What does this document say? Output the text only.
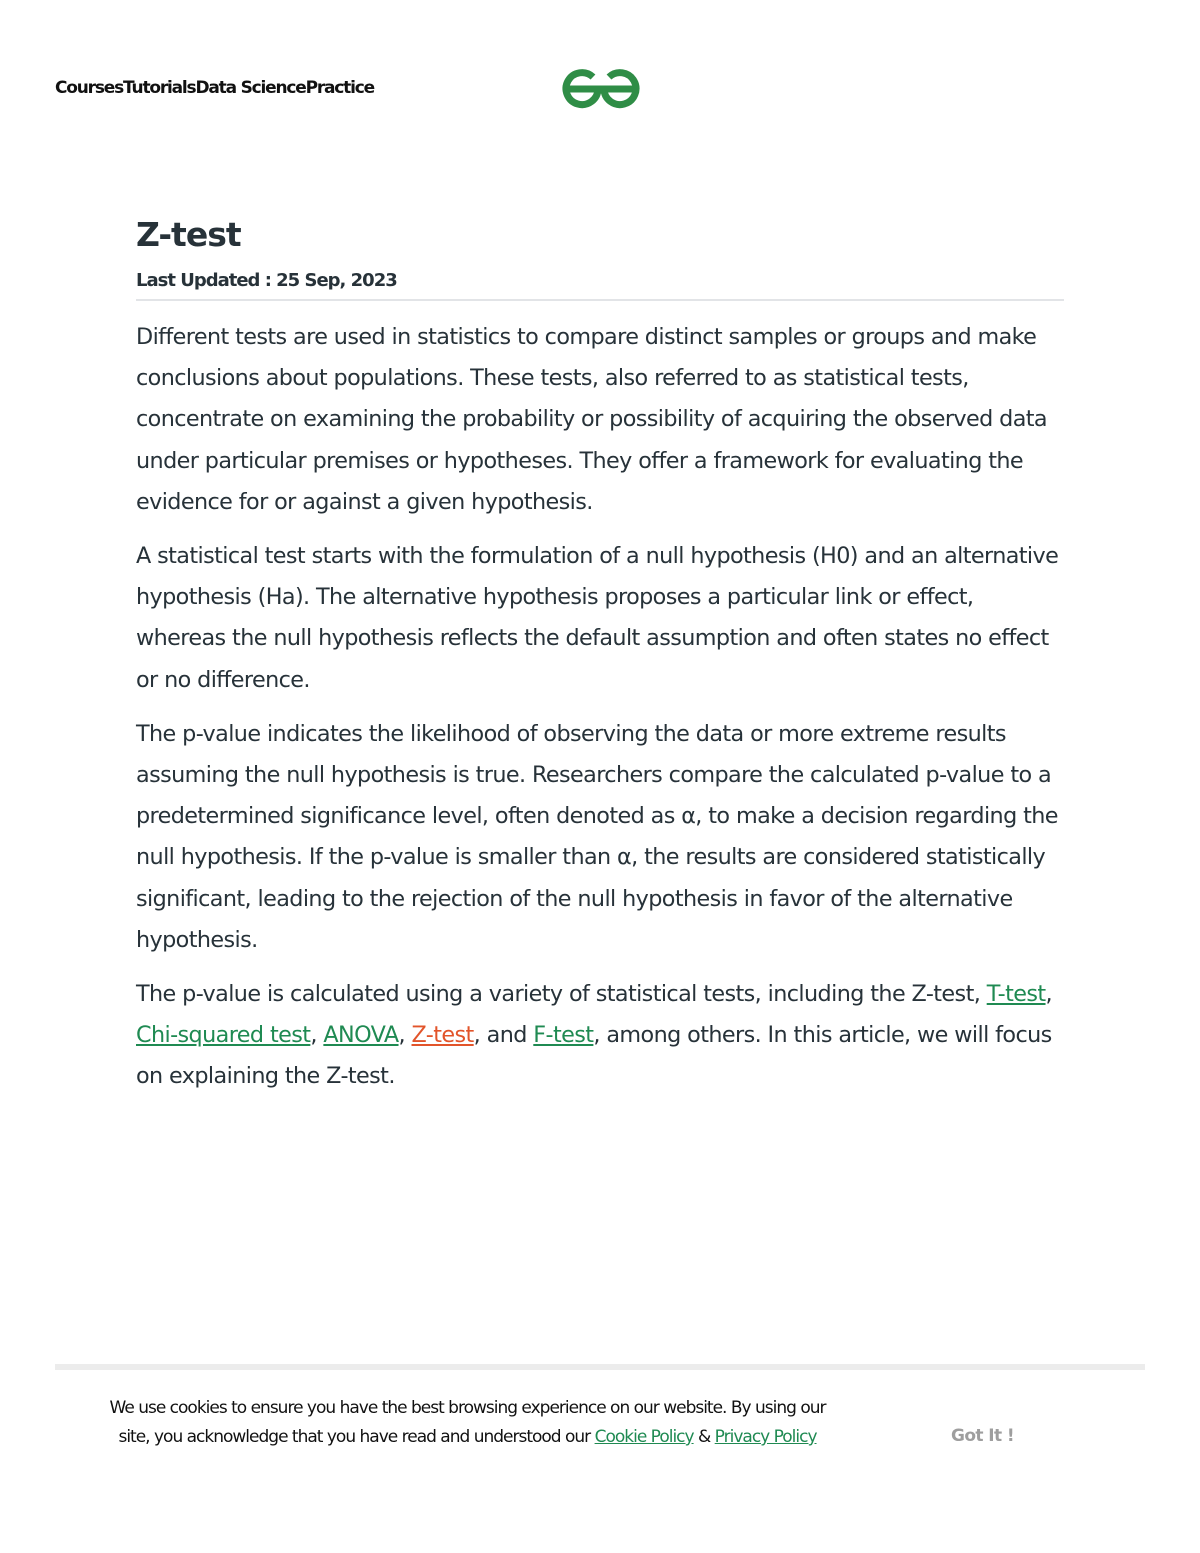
Courses Tutorials Data Science Practice
Z-test
Last Updated : 25 Sep, 2023

Different tests are used in statistics to compare distinct samples or groups and make conclusions about populations. These tests, also referred to as statistical tests, concentrate on examining the probability or possibility of acquiring the observed data under particular premises or hypotheses. They offer a framework for evaluating the evidence for or against a given hypothesis.

A statistical test starts with the formulation of a null hypothesis (H0) and an alternative hypothesis (Ha). The alternative hypothesis proposes a particular link or effect, whereas the null hypothesis reflects the default assumption and often states no effect or no difference.

The p-value indicates the likelihood of observing the data or more extreme results assuming the null hypothesis is true. Researchers compare the calculated p-value to a predetermined significance level, often denoted as α, to make a decision regarding the null hypothesis. If the p-value is smaller than α, the results are considered statistically significant, leading to the rejection of the null hypothesis in favor of the alternative hypothesis.

The p-value is calculated using a variety of statistical tests, including the Z-test, T-test, Chi-squared test, ANOVA, Z-test, and F-test, among others. In this article, we will focus on explaining the Z-test.

We use cookies to ensure you have the best browsing experience on our website. By using our site, you acknowledge that you have read and understood our Cookie Policy & Privacy Policy	Got It !
